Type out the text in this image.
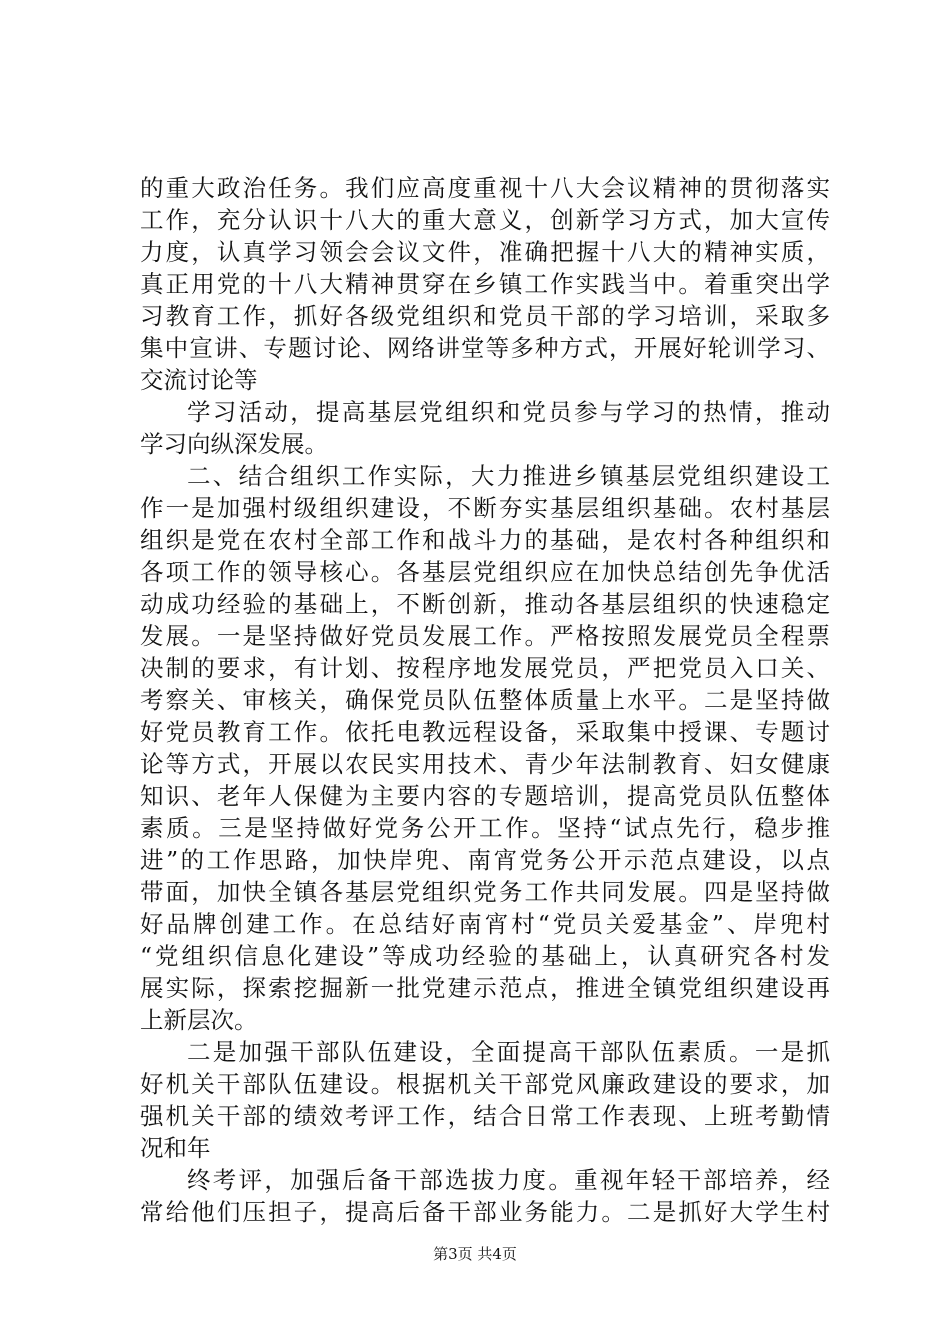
的重大政治任务。我们应高度重视十八大会议精神的贯彻落实
工作，充分认识十八大的重大意义，创新学习方式，加大宣传
力度，认真学习领会会议文件，准确把握十八大的精神实质，
真正用党的十八大精神贯穿在乡镇工作实践当中。着重突出学
习教育工作，抓好各级党组织和党员干部的学习培训，采取多
集中宣讲、专题讨论、网络讲堂等多种方式，开展好轮训学习、
交流讨论等
学习活动，提高基层党组织和党员参与学习的热情，推动
学习向纵深发展。
二、结合组织工作实际，大力推进乡镇基层党组织建设工
作一是加强村级组织建设，不断夯实基层组织基础。农村基层
组织是党在农村全部工作和战斗力的基础，是农村各种组织和
各项工作的领导核心。各基层党组织应在加快总结创先争优活
动成功经验的基础上，不断创新，推动各基层组织的快速稳定
发展。一是坚持做好党员发展工作。严格按照发展党员全程票
决制的要求，有计划、按程序地发展党员，严把党员入口关、
考察关、审核关，确保党员队伍整体质量上水平。二是坚持做
好党员教育工作。依托电教远程设备，采取集中授课、专题讨
论等方式，开展以农民实用技术、青少年法制教育、妇女健康
知识、老年人保健为主要内容的专题培训，提高党员队伍整体
素质。三是坚持做好党务公开工作。坚持“试点先行，稳步推
进”的工作思路，加快岸兜、南宵党务公开示范点建设，以点
带面，加快全镇各基层党组织党务工作共同发展。四是坚持做
好品牌创建工作。在总结好南宵村“党员关爱基金”、岸兜村
“党组织信息化建设”等成功经验的基础上，认真研究各村发
展实际，探索挖掘新一批党建示范点，推进全镇党组织建设再
上新层次。
二是加强干部队伍建设，全面提高干部队伍素质。一是抓
好机关干部队伍建设。根据机关干部党风廉政建设的要求，加
强机关干部的绩效考评工作，结合日常工作表现、上班考勤情
况和年
终考评，加强后备干部选拔力度。重视年轻干部培养，经
常给他们压担子，提高后备干部业务能力。二是抓好大学生村
第3页 共4页
